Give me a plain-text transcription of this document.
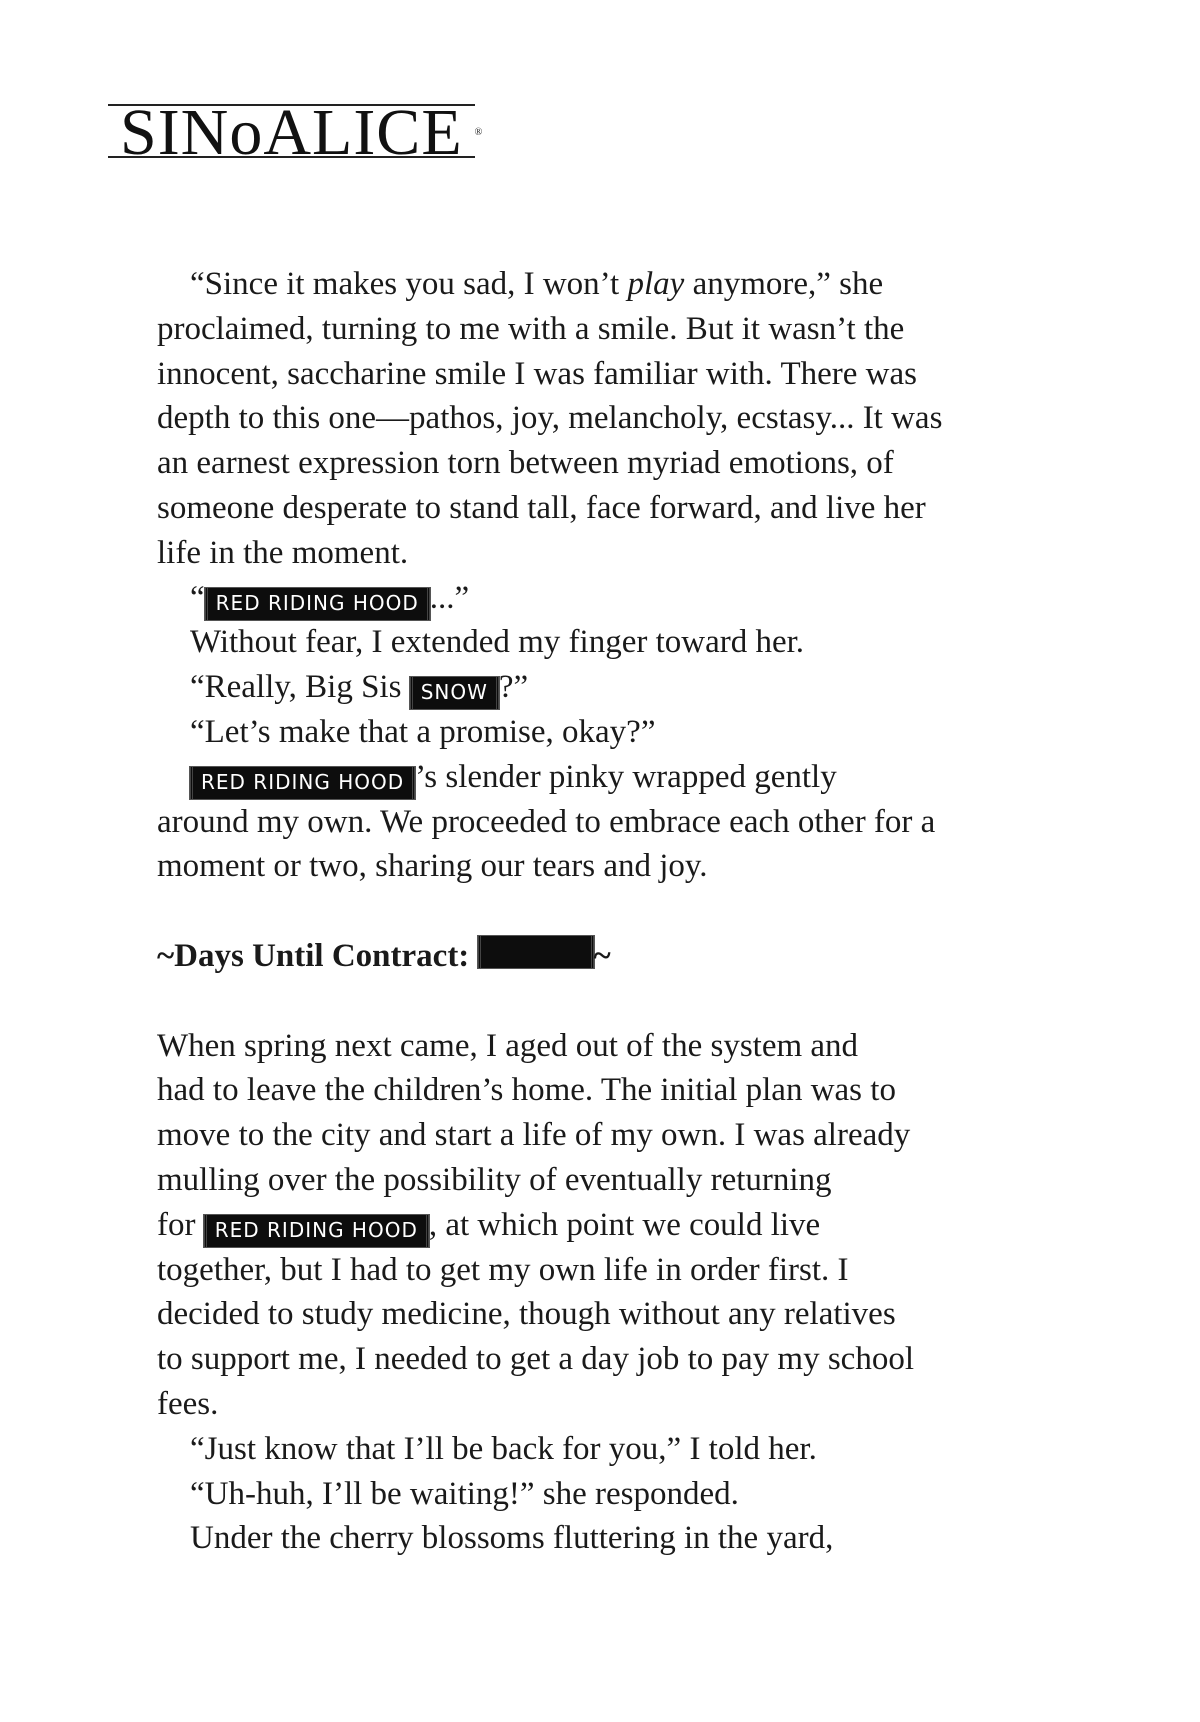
SINoALICE ®

“Since it makes you sad, I won’t play anymore,” she

proclaimed, turning to me with a smile. But it wasn’t the

innocent, saccharine smile I was familiar with. There was

depth to this one—pathos, joy, melancholy, ecstasy... It was

an earnest expression torn between myriad emotions, of

someone desperate to stand tall, face forward, and live her

life in the moment.

“ RED RIDING HOOD ...”

Without fear, I extended my finger toward her.

“Really, Big Sis SNOW ?”

“Let’s make that a promise, okay?”

RED RIDING HOOD ’s slender pinky wrapped gently

around my own. We proceeded to embrace each other for a

moment or two, sharing our tears and joy.

~Days Until Contract:	~

When spring next came, I aged out of the system and

had to leave the children’s home. The initial plan was to

move to the city and start a life of my own. I was already

mulling over the possibility of eventually returning

for RED RIDING HOOD , at which point we could live

together, but I had to get my own life in order first. I

decided to study medicine, though without any relatives

to support me, I needed to get a day job to pay my school

fees.

“Just know that I’ll be back for you,” I told her.

“Uh-huh, I’ll be waiting!” she responded.

Under the cherry blossoms fluttering in the yard,
